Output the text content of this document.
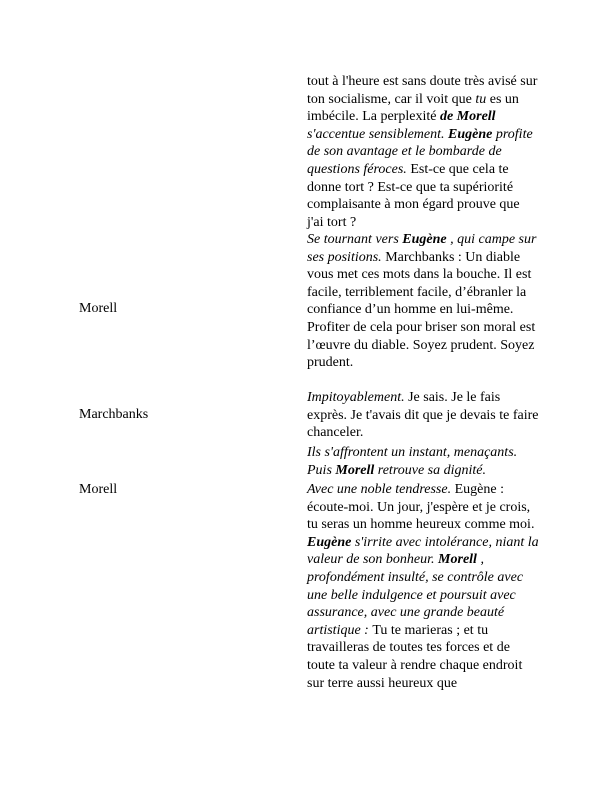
tout à l'heure est sans doute très avisé sur ton socialisme, car il voit que tu es un imbécile. La perplexité de Morell s'accentue sensiblement. Eugène profite de son avantage et le bombarde de questions féroces. Est-ce que cela te donne tort ? Est-ce que ta supériorité complaisante à mon égard prouve que j'ai tort ?

Morell

Se tournant vers Eugène , qui campe sur ses positions. Marchbanks : Un diable vous met ces mots dans la bouche. Il est facile, terriblement facile, d’ébranler la confiance d’un homme en lui-même. Profiter de cela pour briser son moral est l’œuvre du diable. Soyez prudent. Soyez prudent.

Marchbanks

Impitoyablement. Je sais. Je le fais exprès. Je t'avais dit que je devais te faire chanceler.

Ils s'affrontent un instant, menaçants. Puis Morell retrouve sa dignité.

Morell	Avec une noble tendresse. Eugène : écoute-moi. Un jour, j'espère et je crois, tu seras un homme heureux comme moi. Eugène s'irrite avec intolérance, niant la valeur de son bonheur. Morell , profondément insulté, se contrôle avec une belle indulgence et poursuit avec assurance, avec une grande beauté artistique : Tu te marieras ; et tu travailleras de toutes tes forces et de toute ta valeur à rendre chaque endroit sur terre aussi heureux que
